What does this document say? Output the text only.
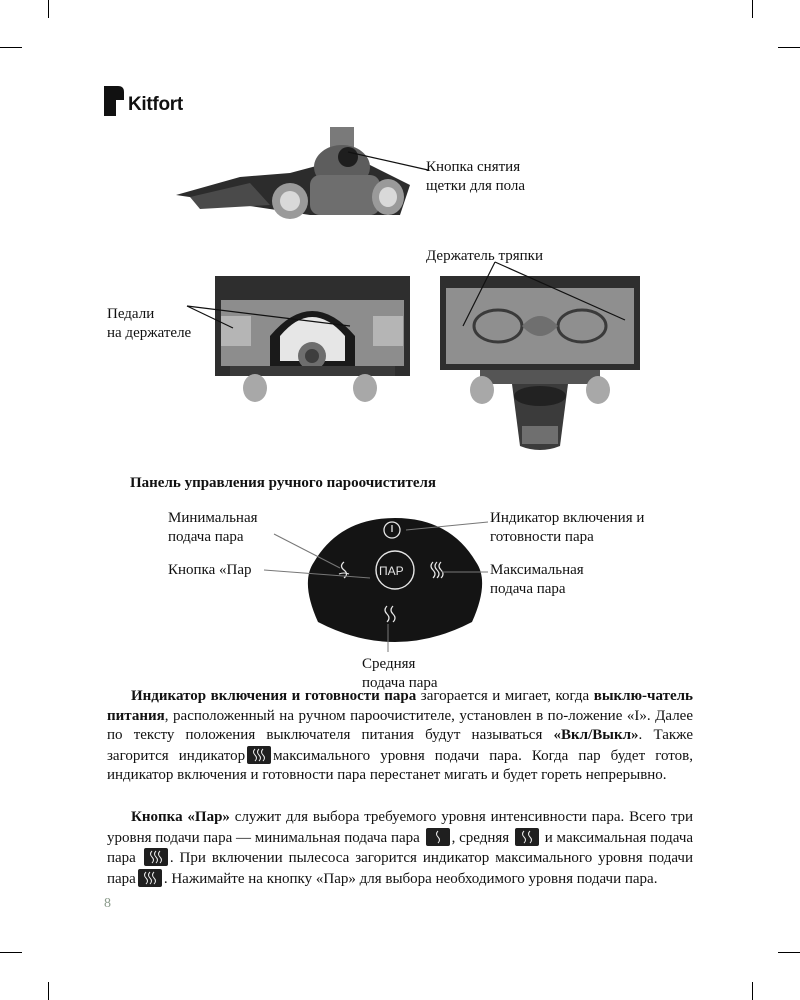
Kitfort
Кнопка снятия
щетки для пола
Педали
на держателе
Держатель тряпки
Панель управления ручного пароочистителя
ПАР
Минимальная
подача пара
Кнопка «Пар
Индикатор включения и
готовности пара
Максимальная
подача пара
Средняя
подача пара
Индикатор включения и готовности пара загорается и мигает, когда выклю-чатель питания, расположенный на ручном пароочистителе, установлен в по-ложение «I». Далее по тексту положения выключателя питания будут называться «Вкл/Выкл». Также загорится индикатор максимального уровня подачи пара. Когда пар будет готов, индикатор включения и готовности пара перестанет мигать и будет гореть непрерывно.
Кнопка «Пар» служит для выбора требуемого уровня интенсивности пара. Всего три уровня подачи пара — минимальная подача пара , средняя и максимальная подача пара . При включении пылесоса загорится индикатор максимального уровня подачи пара . Нажимайте на кнопку «Пар» для выбора необходимого уровня подачи пара.
8
